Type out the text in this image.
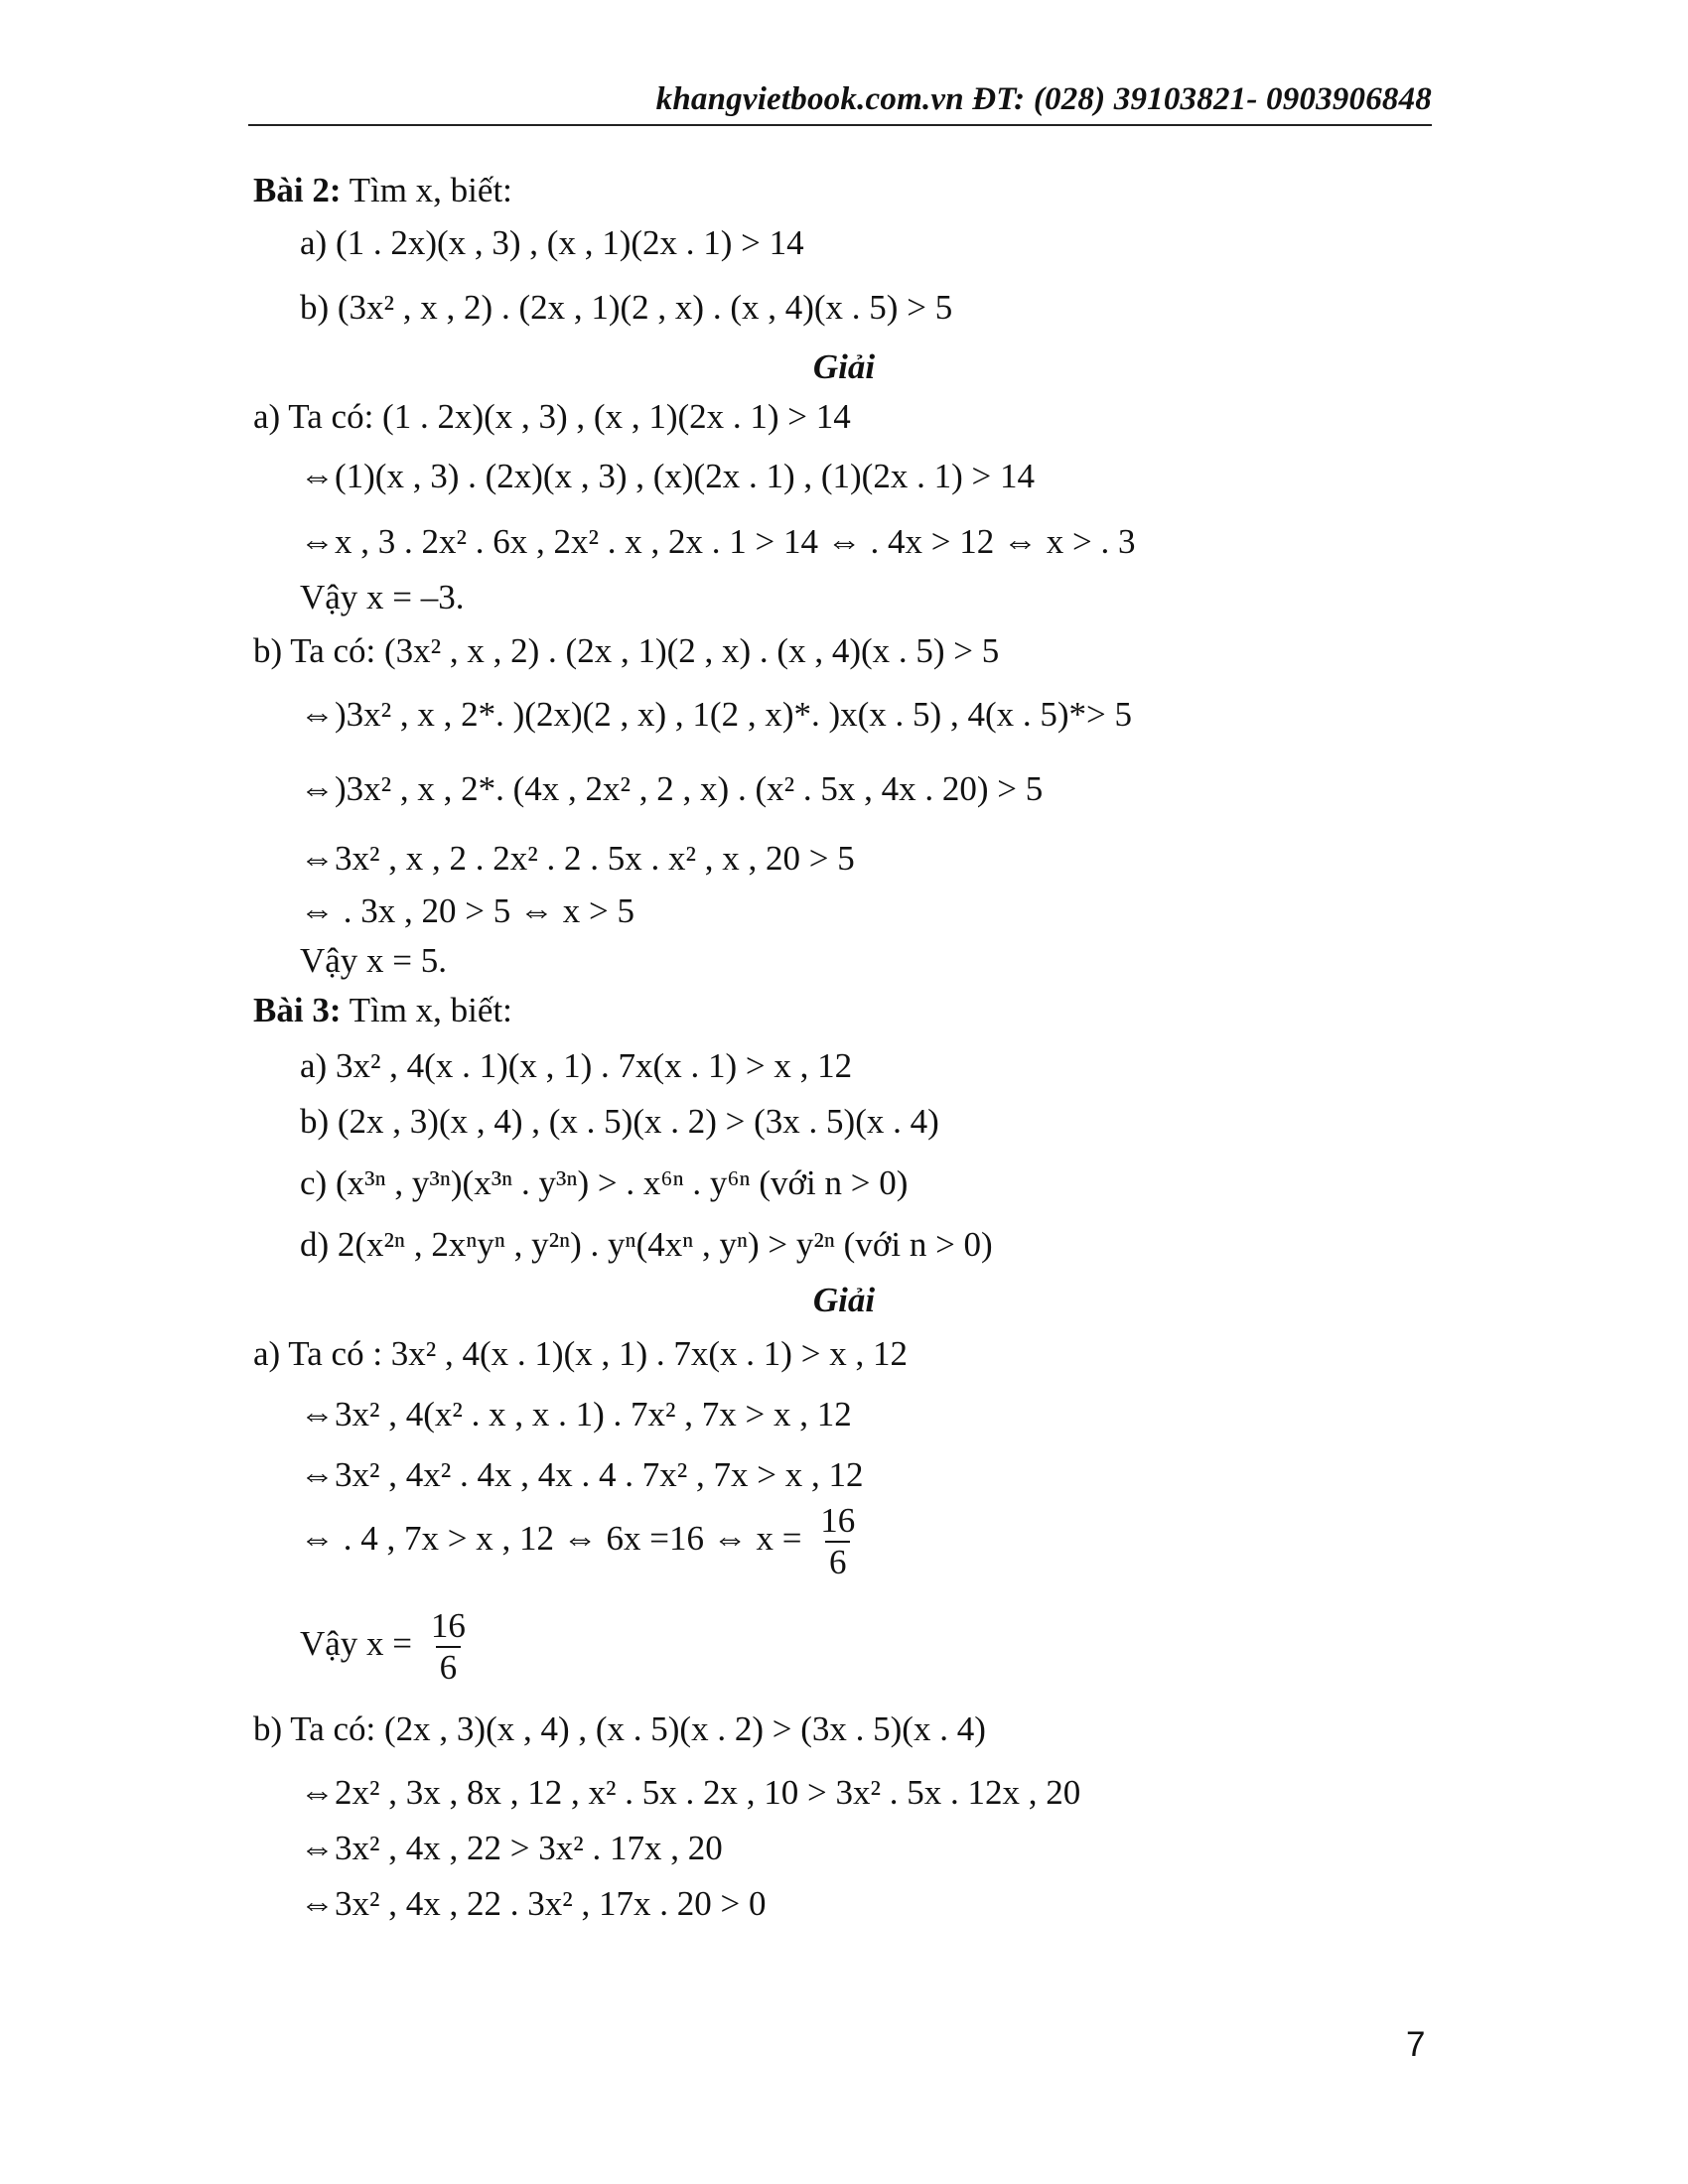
khangvietbook.com.vn ĐT: (028) 39103821- 0903906848
Bài 2: Tìm x, biết:
a) (1 . 2x)(x , 3) , (x , 1)(2x . 1) > 14
b) (3x² , x , 2) . (2x , 1)(2 , x) . (x , 4)(x . 5) > 5
Giải
a) Ta có: (1 . 2x)(x , 3) , (x , 1)(2x . 1) > 14
⇔(1)(x , 3) . (2x)(x , 3) , (x)(2x . 1) , (1)(2x . 1) > 14
⇔x , 3 . 2x² . 6x , 2x² . x , 2x . 1 > 14 ⇔ . 4x > 12 ⇔ x > . 3
Vậy x = –3.
b) Ta có: (3x² , x , 2) . (2x , 1)(2 , x) . (x , 4)(x . 5) > 5
⇔)3x² , x , 2*. )(2x)(2 , x) , 1(2 , x)*. )x(x . 5) , 4(x . 5)*> 5
⇔)3x² , x , 2*. (4x , 2x² , 2 , x) . (x² . 5x , 4x . 20) > 5
⇔3x² , x , 2 . 2x² . 2 . 5x . x² , x , 20 > 5
⇔ . 3x , 20 > 5 ⇔ x > 5
Vậy x = 5.
Bài 3: Tìm x, biết:
a) 3x² , 4(x . 1)(x , 1) . 7x(x . 1) > x , 12
b) (2x , 3)(x , 4) , (x . 5)(x . 2) > (3x . 5)(x . 4)
c) (x³ⁿ , y³ⁿ)(x³ⁿ . y³ⁿ) > . x⁶ⁿ . y⁶ⁿ (với n > 0)
d) 2(x²ⁿ , 2xⁿyⁿ , y²ⁿ) . yⁿ(4xⁿ , yⁿ) > y²ⁿ (với n > 0)
Giải
a) Ta có : 3x² , 4(x . 1)(x , 1) . 7x(x . 1) > x , 12
⇔3x² , 4(x² . x , x . 1) . 7x² , 7x > x , 12
⇔3x² , 4x² . 4x , 4x . 4 . 7x² , 7x > x , 12
⇔ . 4 , 7x > x , 12 ⇔ 6x =16 ⇔ $x = \frac{16}{6}$
Vậy $x = \frac{16}{6}$
b) Ta có: (2x , 3)(x , 4) , (x . 5)(x . 2) > (3x . 5)(x . 4)
⇔2x² , 3x , 8x , 12 , x² . 5x . 2x , 10 > 3x² . 5x . 12x , 20
⇔3x² , 4x , 22 > 3x² . 17x , 20
⇔3x² , 4x , 22 . 3x² , 17x . 20 > 0
7
